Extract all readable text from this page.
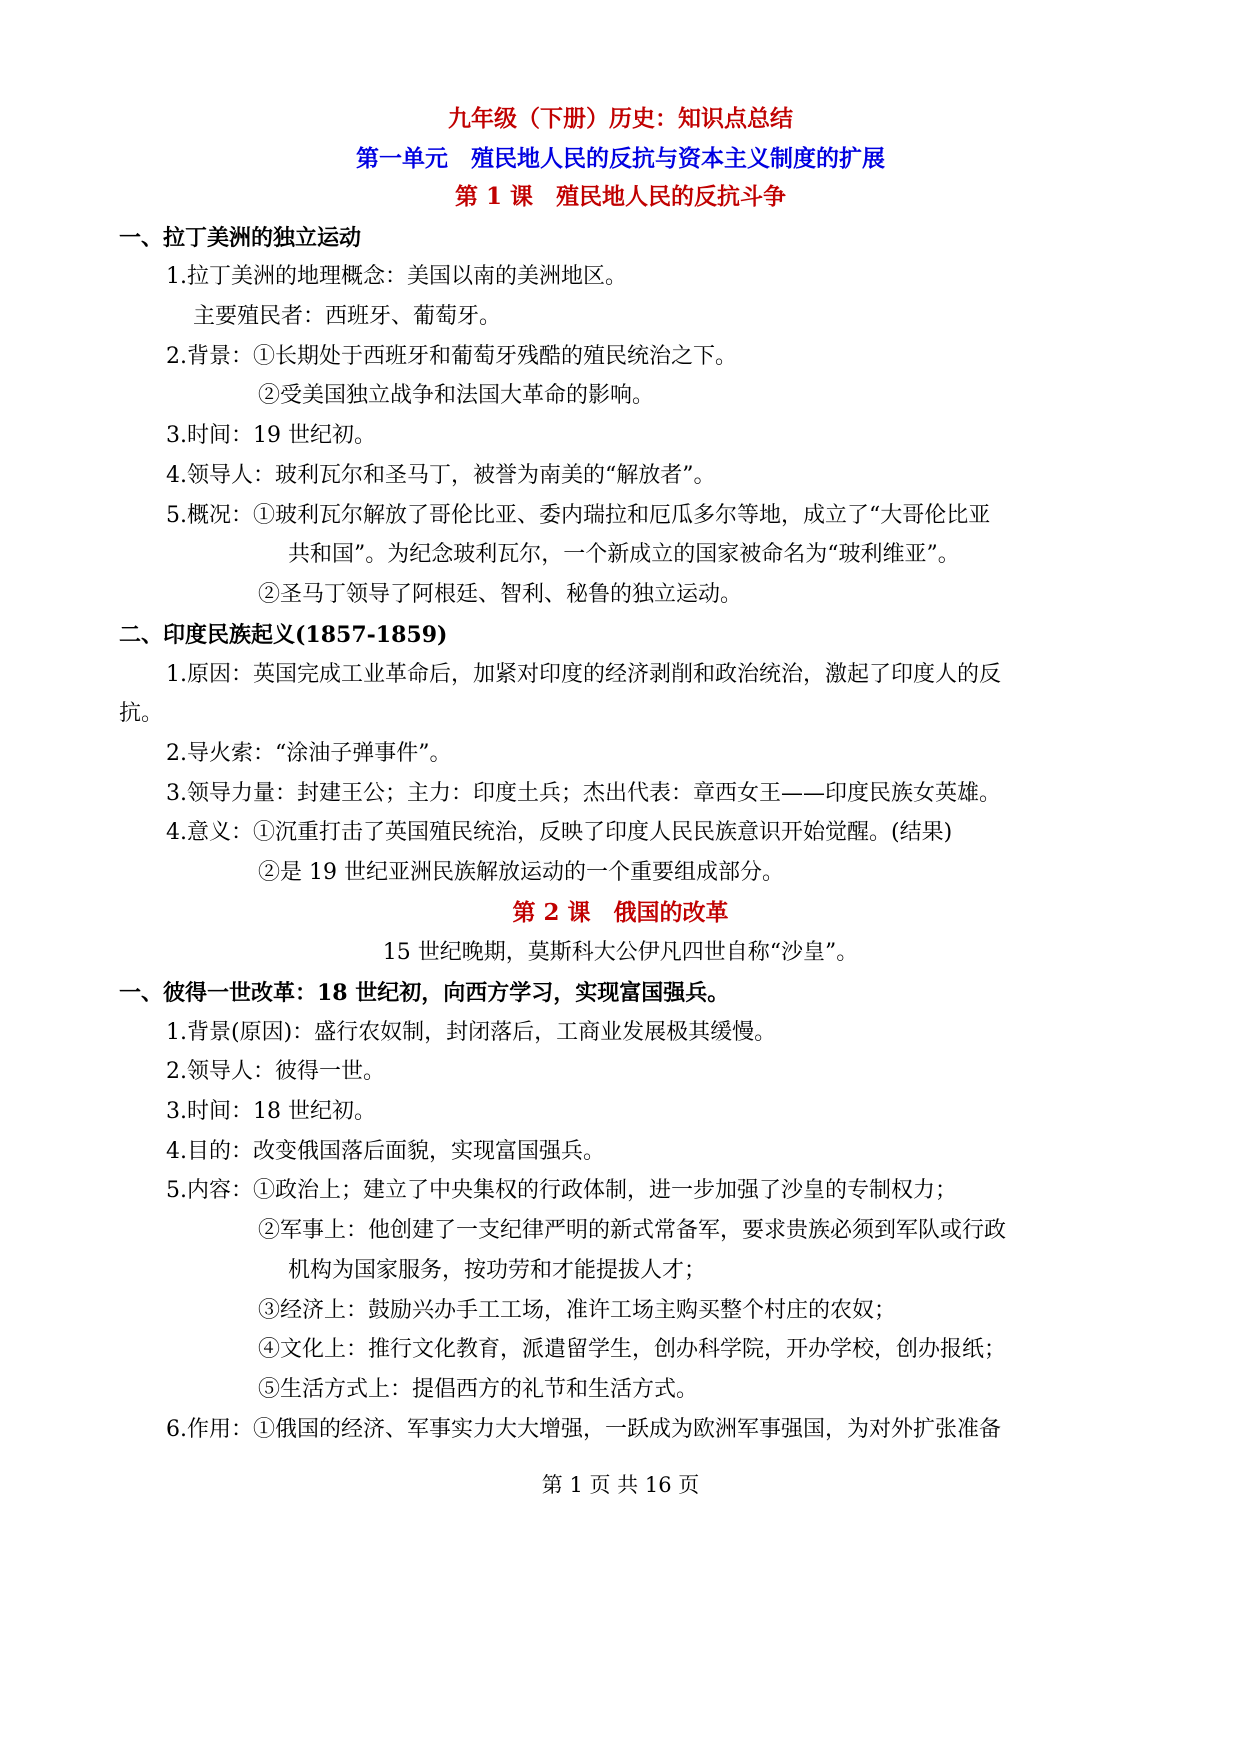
九年级（下册）历史：知识点总结
第一单元　殖民地人民的反抗与资本主义制度的扩展
第 1 课　殖民地人民的反抗斗争
一、拉丁美洲的独立运动
1.拉丁美洲的地理概念：美国以南的美洲地区。
主要殖民者：西班牙、葡萄牙。
2.背景：①长期处于西班牙和葡萄牙残酷的殖民统治之下。
②受美国独立战争和法国大革命的影响。
3.时间：19 世纪初。
4.领导人：玻利瓦尔和圣马丁，被誉为南美的“解放者”。
5.概况：①玻利瓦尔解放了哥伦比亚、委内瑞拉和厄瓜多尔等地，成立了“大哥伦比亚
共和国”。为纪念玻利瓦尔，一个新成立的国家被命名为“玻利维亚”。
②圣马丁领导了阿根廷、智利、秘鲁的独立运动。
二、印度民族起义(1857-1859)
1.原因：英国完成工业革命后，加紧对印度的经济剥削和政治统治，激起了印度人的反
抗。
2.导火索：“涂油子弹事件”。
3.领导力量：封建王公；主力：印度土兵；杰出代表：章西女王——印度民族女英雄。
4.意义：①沉重打击了英国殖民统治，反映了印度人民民族意识开始觉醒。(结果)
②是 19 世纪亚洲民族解放运动的一个重要组成部分。
第 2 课　俄国的改革
15 世纪晚期，莫斯科大公伊凡四世自称“沙皇”。
一、彼得一世改革：18 世纪初，向西方学习，实现富国强兵。
1.背景(原因)：盛行农奴制，封闭落后，工商业发展极其缓慢。
2.领导人：彼得一世。
3.时间：18 世纪初。
4.目的：改变俄国落后面貌，实现富国强兵。
5.内容：①政治上；建立了中央集权的行政体制，进一步加强了沙皇的专制权力；
②军事上：他创建了一支纪律严明的新式常备军，要求贵族必须到军队或行政
机构为国家服务，按功劳和才能提拔人才；
③经济上：鼓励兴办手工工场，准许工场主购买整个村庄的农奴；
④文化上：推行文化教育，派遣留学生，创办科学院，开办学校，创办报纸；
⑤生活方式上：提倡西方的礼节和生活方式。
6.作用：①俄国的经济、军事实力大大增强，一跃成为欧洲军事强国，为对外扩张准备
第 1 页 共 16 页
